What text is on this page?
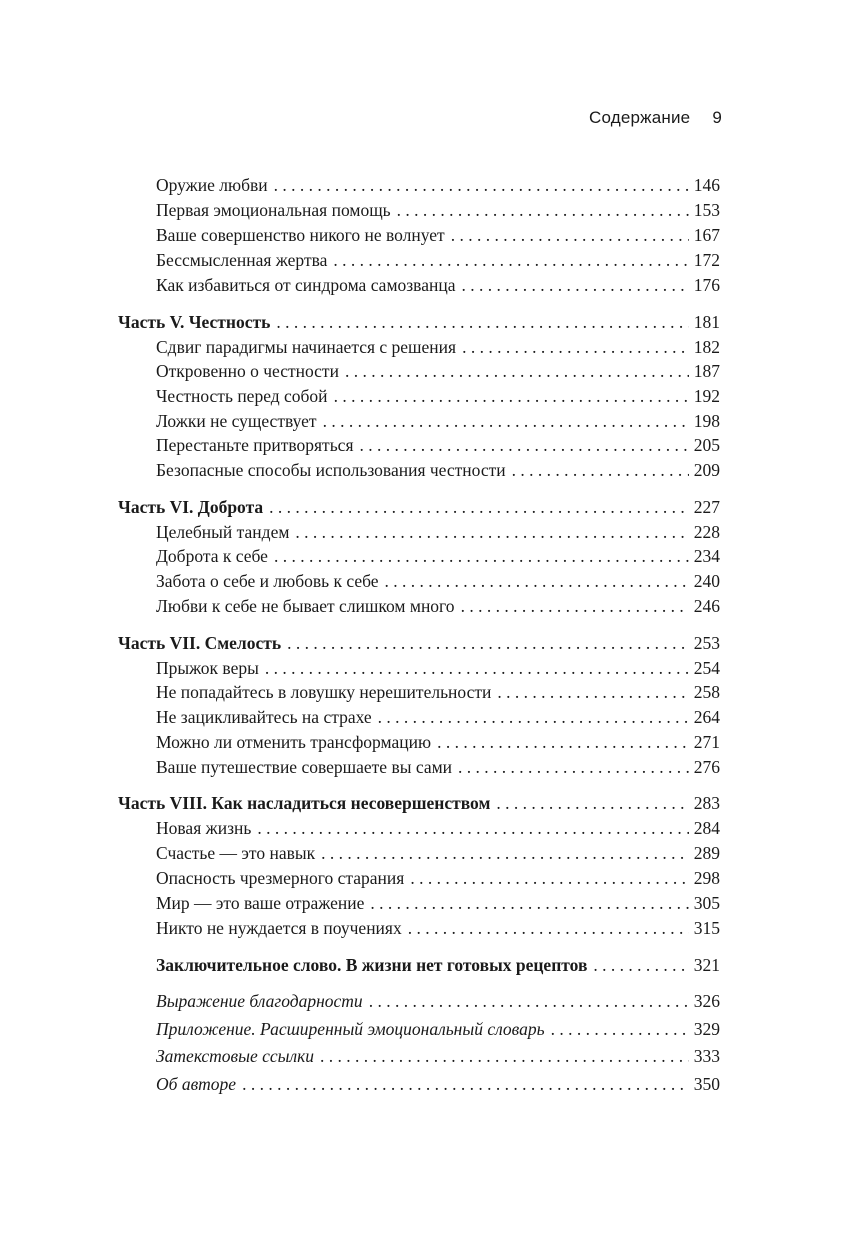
Содержание 9
Оружие любви . . .	146
Первая эмоциональная помощь . . .	153
Ваше совершенство никого не волнует . . .	167
Бессмысленная жертва . . .	172
Как избавиться от синдрома самозванца . . .	176
Часть V. Честность . . .	181
Сдвиг парадигмы начинается с решения . . .	182
Откровенно о честности . . .	187
Честность перед собой . . .	192
Ложки не существует . . .	198
Перестаньте притворяться . . .	205
Безопасные способы использования честности . . .	209
Часть VI. Доброта . . .	227
Целебный тандем . . .	228
Доброта к себе . . .	234
Забота о себе и любовь к себе . . .	240
Любви к себе не бывает слишком много . . .	246
Часть VII. Смелость . . .	253
Прыжок веры . . .	254
Не попадайтесь в ловушку нерешительности . . .	258
Не зацикливайтесь на страхе . . .	264
Можно ли отменить трансформацию . . .	271
Ваше путешествие совершаете вы сами . . .	276
Часть VIII. Как насладиться несовершенством . . .	283
Новая жизнь . . .	284
Счастье — это навык . . .	289
Опасность чрезмерного старания . . .	298
Мир — это ваше отражение . . .	305
Никто не нуждается в поучениях . . .	315
Заключительное слово. В жизни нет готовых рецептов . . .	321
Выражение благодарности . . .	326
Приложение. Расширенный эмоциональный словарь . . .	329
Затекстовые ссылки . . .	333
Об авторе . . .	350
